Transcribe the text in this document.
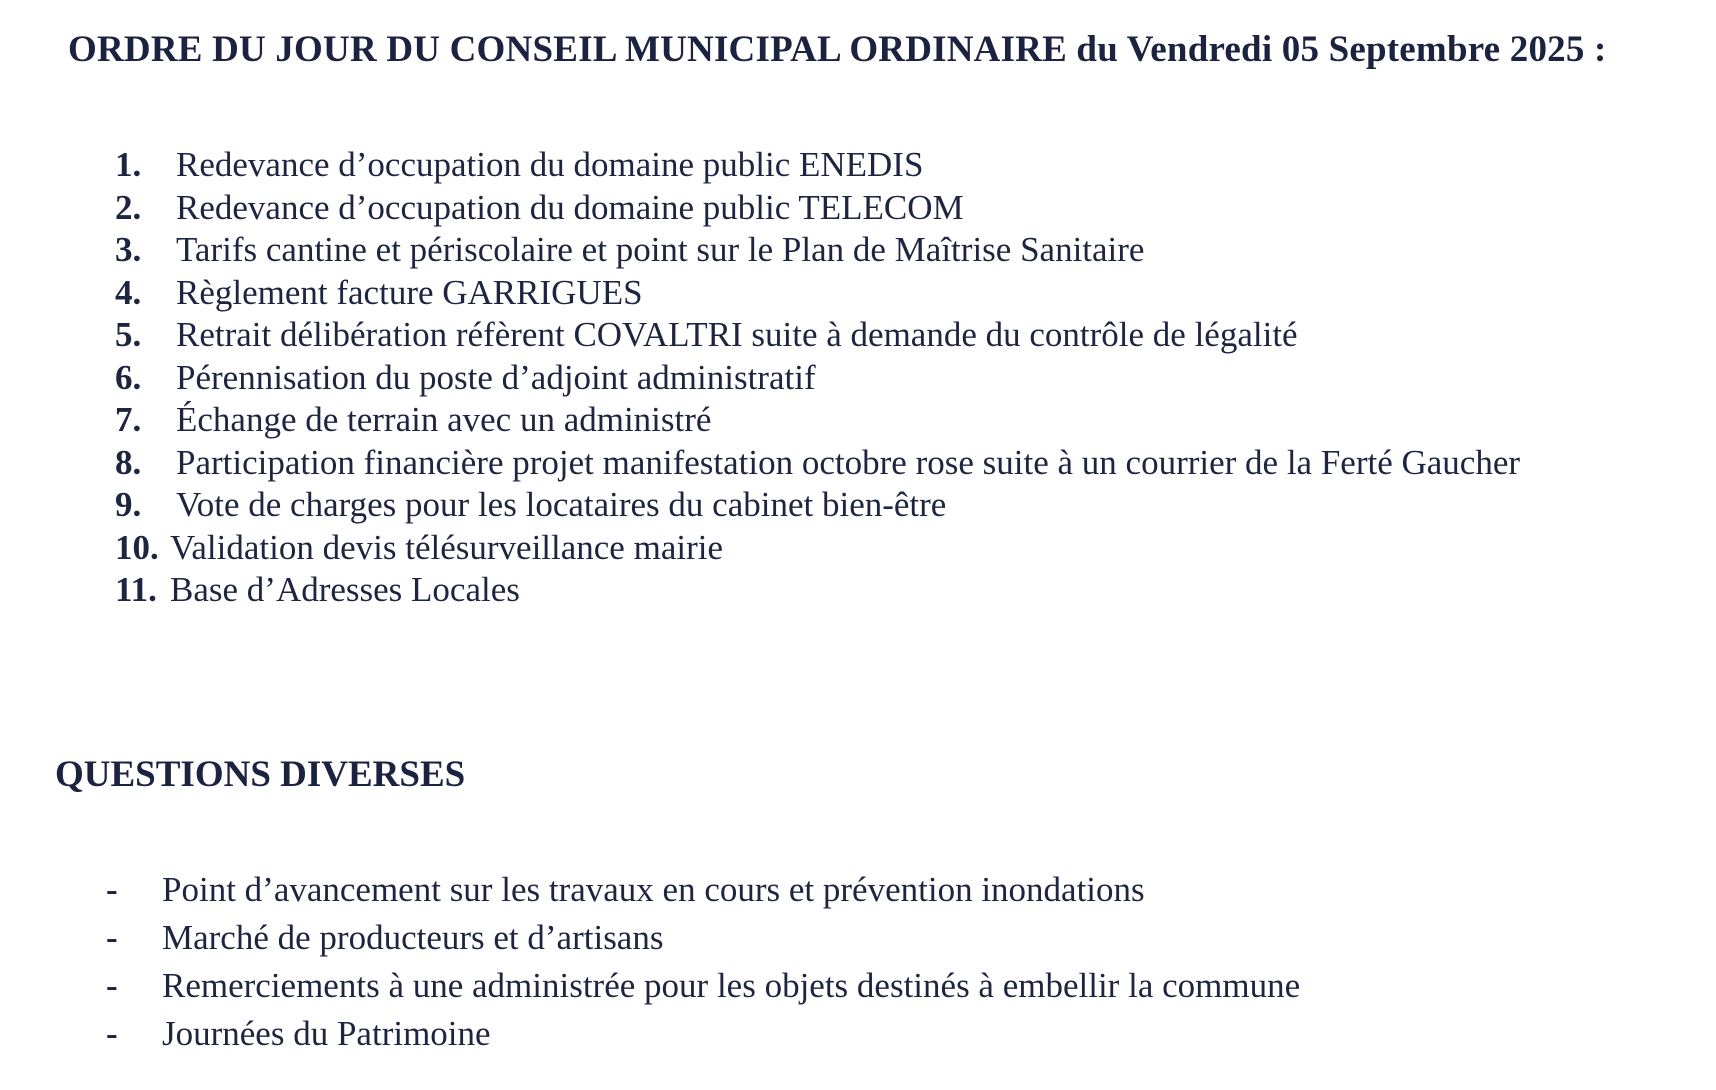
ORDRE DU JOUR DU CONSEIL MUNICIPAL ORDINAIRE du Vendredi 05 Septembre 2025 :
1. Redevance d’occupation du domaine public ENEDIS
2. Redevance d’occupation du domaine public TELECOM
3. Tarifs cantine et périscolaire et point sur le Plan de Maîtrise Sanitaire
4. Règlement facture GARRIGUES
5. Retrait délibération réfèrent COVALTRI suite à demande du contrôle de légalité
6. Pérennisation du poste d’adjoint administratif
7. Échange de terrain avec un administré
8. Participation financière projet manifestation octobre rose suite à un courrier de la Ferté Gaucher
9. Vote de charges pour les locataires du cabinet bien-être
10. Validation devis télésurveillance mairie
11. Base d’Adresses Locales
QUESTIONS DIVERSES
- Point d’avancement sur les travaux en cours et prévention inondations
- Marché de producteurs et d’artisans
- Remerciements à une administrée pour les objets destinés à embellir la commune
- Journées du Patrimoine
